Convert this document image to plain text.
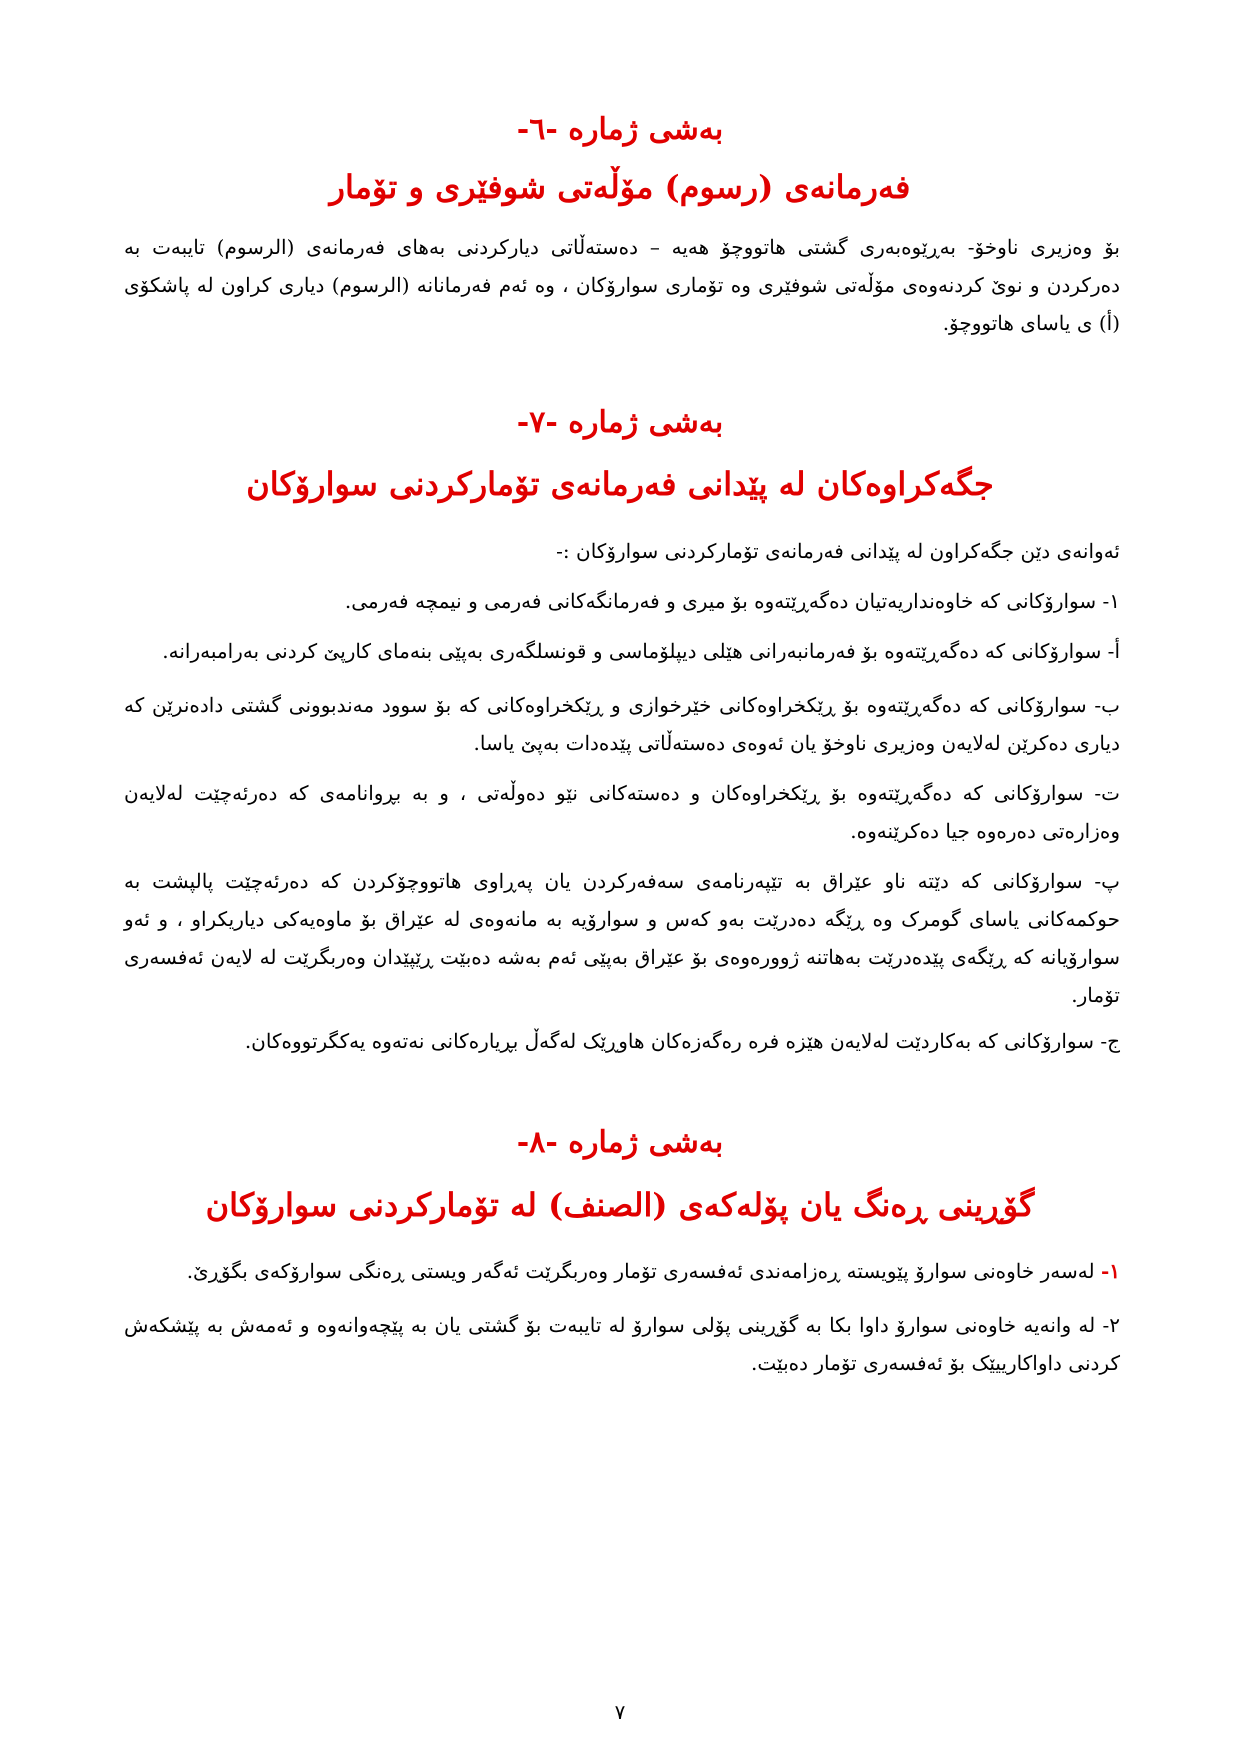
بەشی ژمارە -٦-
فەرمانەی (رسوم) مۆڵەتی شوفێری و تۆمار

بۆ وەزیری ناوخۆ- بەڕێوەبەری گشتی هاتووچۆ هەیە – دەستەڵاتی دیارکردنی بەهای فەرمانەی (الرسوم) تایبەت بە دەرکردن و نوێ کردنەوەی مۆڵەتی شوفێری وە تۆماری سوارۆکان ، وە ئەم فەرمانانە (الرسوم) دیاری کراون لە پاشکۆی (أ) ی یاسای هاتووچۆ.

بەشی ژمارە -٧-
جگەکراوەکان لە پێدانی فەرمانەی تۆمارکردنی سوارۆکان

ئەوانەی دێن جگەکراون لە پێدانی فەرمانەی تۆمارکردنی سوارۆکان :-

١- سوارۆکانی کە خاوەنداریەتیان دەگەڕێتەوە بۆ میری و فەرمانگەکانی فەرمی و نیمچە فەرمی.

أ- سوارۆکانی کە دەگەڕێتەوە بۆ فەرمانبەرانی هێلی دیپلۆماسی و قونسلگەری بەپێی بنەمای کارپێ کردنی بەرامبەرانە.

ب- سوارۆکانی کە دەگەڕێتەوە بۆ ڕێکخراوەکانی خێرخوازی و ڕێکخراوەکانی کە بۆ سوود مەندبوونی گشتی دادەنرێن کە دیاری دەکرێن لەلایەن وەزیری ناوخۆ یان ئەوەی دەستەڵاتی پێدەدات بەپێ یاسا.

ت- سوارۆکانی کە دەگەڕێتەوە بۆ ڕێکخراوەکان و دەستەکانی نێو دەوڵەتی ، و بە بڕوانامەی کە دەرئەچێت لەلایەن وەزارەتی دەرەوە جیا دەکرێنەوە.

پ- سوارۆکانی کە دێتە ناو عێراق بە تێپەرنامەی سەفەرکردن یان پەڕاوی هاتووچۆکردن کە دەرئەچێت پالپشت بە حوکمەکانی یاسای گومرک وە ڕێگە دەدرێت بەو کەس و سوارۆیە بە مانەوەی لە عێراق بۆ ماوەیەکی دیاریکراو ، و ئەو سوارۆیانە کە ڕێگەی پێدەدرێت بەهاتنە ژوورەوەی بۆ عێراق بەپێی ئەم بەشە دەبێت ڕێپێدان وەربگرێت لە لایەن ئەفسەری تۆمار.

ج- سوارۆکانی کە بەکاردێت لەلایەن هێزە فرە رەگەزەکان هاوڕێک لەگەڵ بڕیارەکانی نەتەوە یەکگرتووەکان.

بەشی ژمارە -٨-
گۆڕینی ڕەنگ یان پۆلەکەی (الصنف) لە تۆمارکردنی سوارۆکان

١- لەسەر خاوەنی سوارۆ پێویستە ڕەزامەندی ئەفسەری تۆمار وەربگرێت ئەگەر ویستی ڕەنگی سوارۆکەی بگۆڕێ.

٢- لە وانەیە خاوەنی سوارۆ داوا بکا بە گۆڕینی پۆلی سوارۆ لە تایبەت بۆ گشتی یان بە پێچەوانەوە و ئەمەش بە پێشکەش کردنی داواکارییێک بۆ ئەفسەری تۆمار دەبێت.

٧
